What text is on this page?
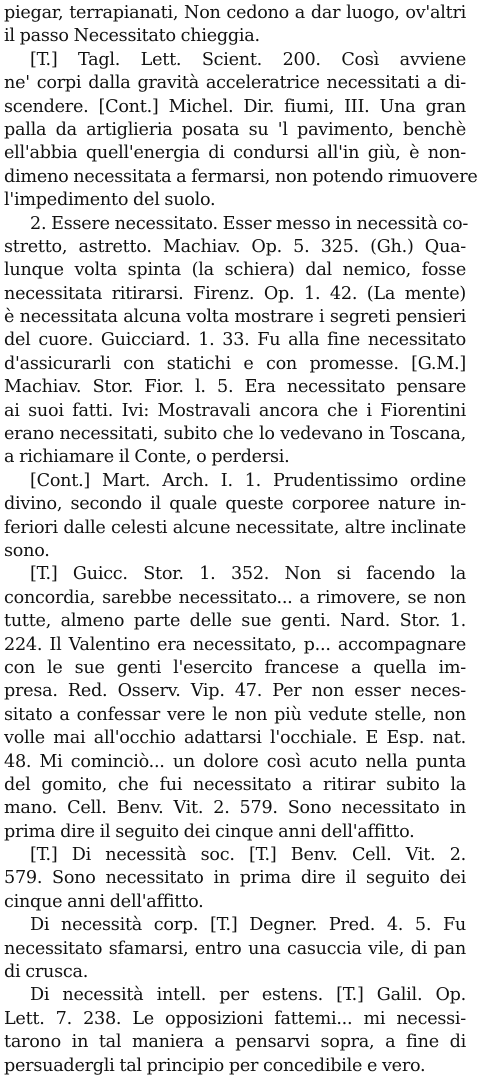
piegar, terrapianati, Non cedono a dar luogo, ov'altri
il passo Necessitato chieggia.
[T.] Tagl. Lett. Scient. 200. Così avviene
ne' corpi dalla gravità acceleratrice necessitati a di-
scendere. [Cont.] Michel. Dir. fiumi, III. Una gran
palla da artiglieria posata su 'l pavimento, benchè
ell'abbia quell'energia di condursi all'in giù, è non-
dimeno necessitata a fermarsi, non potendo rimuovere
l'impedimento del suolo.
2. Essere necessitato. Esser messo in necessità co-
stretto, astretto. Machiav. Op. 5. 325. (Gh.) Qua-
lunque volta spinta (la schiera) dal nemico, fosse
necessitata ritirarsi. Firenz. Op. 1. 42. (La mente)
è necessitata alcuna volta mostrare i segreti pensieri
del cuore. Guicciard. 1. 33. Fu alla fine necessitato
d'assicurarli con statichi e con promesse. [G.M.]
Machiav. Stor. Fior. l. 5. Era necessitato pensare
ai suoi fatti. Ivi: Mostravali ancora che i Fiorentini
erano necessitati, subito che lo vedevano in Toscana,
a richiamare il Conte, o perdersi.
[Cont.] Mart. Arch. I. 1. Prudentissimo ordine
divino, secondo il quale queste corporee nature in-
feriori dalle celesti alcune necessitate, altre inclinate
sono.
[T.] Guicc. Stor. 1. 352. Non si facendo la
concordia, sarebbe necessitato... a rimovere, se non
tutte, almeno parte delle sue genti. Nard. Stor. 1.
224. Il Valentino era necessitato, p... accompagnare
con le sue genti l'esercito francese a quella im-
presa. Red. Osserv. Vip. 47. Per non esser neces-
sitato a confessar vere le non più vedute stelle, non
volle mai all'occhio adattarsi l'occhiale. E Esp. nat.
48. Mi cominciò... un dolore così acuto nella punta
del gomito, che fui necessitato a ritirar subito la
mano. Cell. Benv. Vit. 2. 579. Sono necessitato in
prima dire il seguito dei cinque anni dell'affitto.
[T.] Di necessità soc. [T.] Benv. Cell. Vit. 2.
579. Sono necessitato in prima dire il seguito dei
cinque anni dell'affitto.
Di necessità corp. [T.] Degner. Pred. 4. 5. Fu
necessitato sfamarsi, entro una casuccia vile, di pan
di crusca.
Di necessità intell. per estens. [T.] Galil. Op.
Lett. 7. 238. Le opposizioni fattemi... mi necessi-
tarono in tal maniera a pensarvi sopra, a fine di
persuadergli tal principio per concedibile e vero.
